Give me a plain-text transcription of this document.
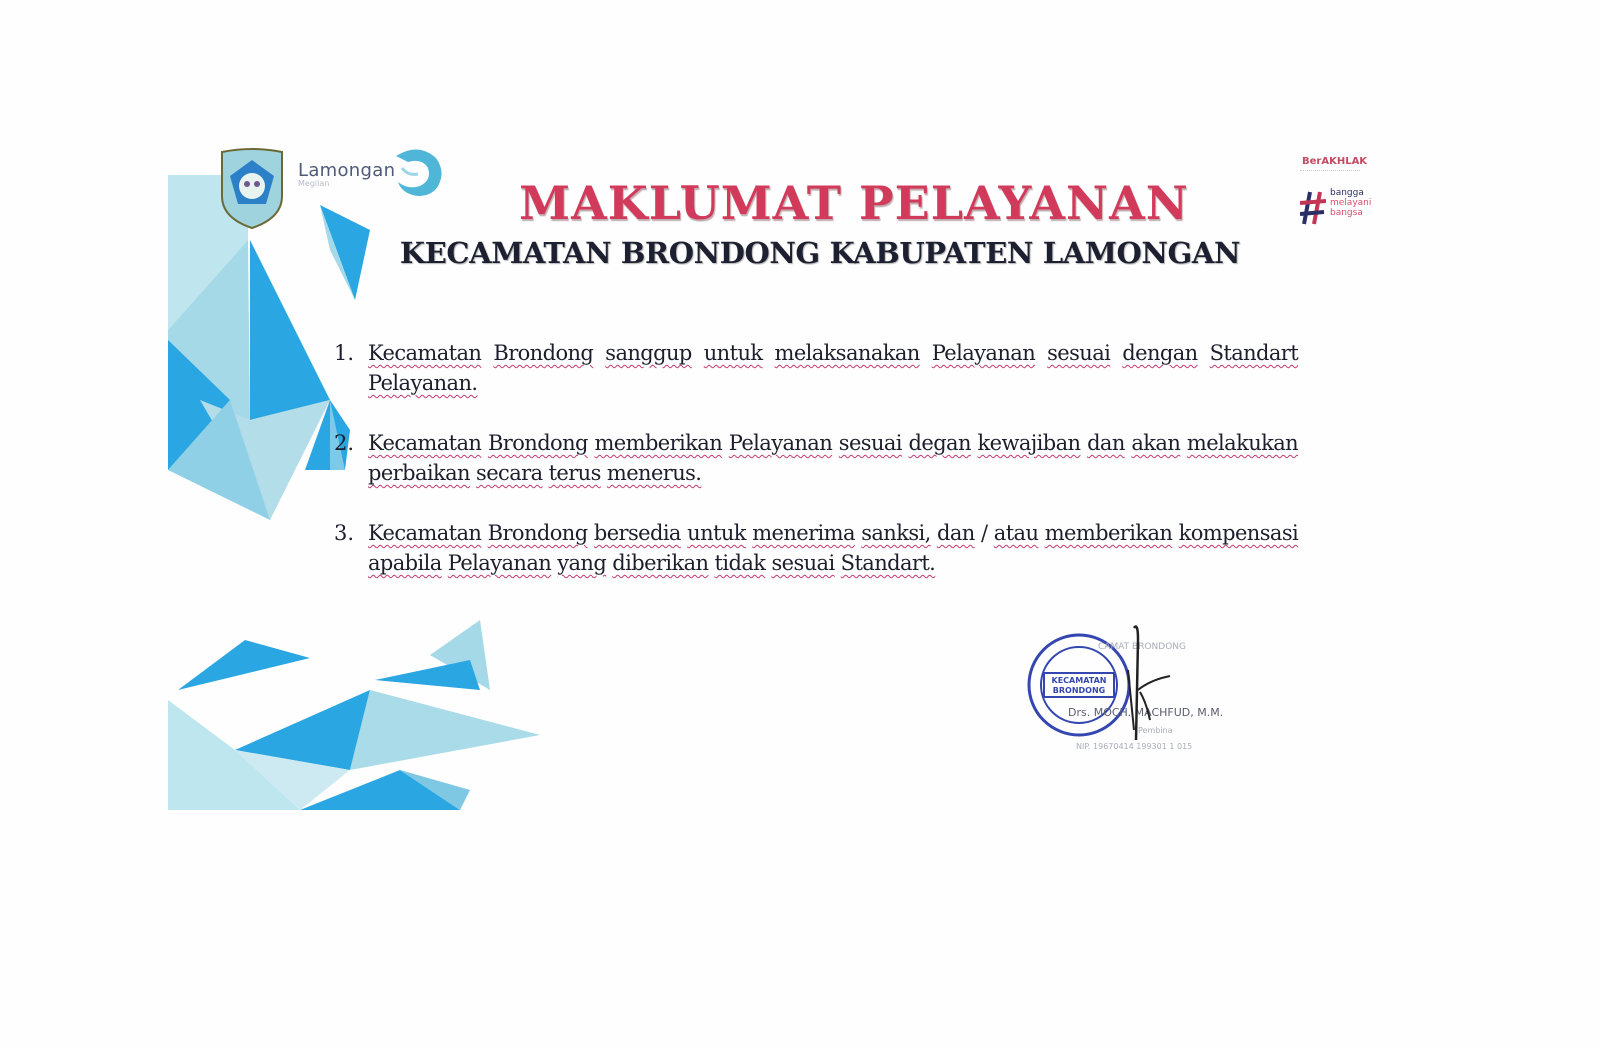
Lamongan
Megilan
BerAKHLAK
bangga
melayani
bangsa
MAKLUMAT PELAYANAN
KECAMATAN BRONDONG KABUPATEN LAMONGAN
1. Kecamatan Brondong sanggup untuk melaksanakan Pelayanan sesuai dengan Standart Pelayanan.
2. Kecamatan Brondong memberikan Pelayanan sesuai degan kewajiban dan akan melakukan perbaikan secara terus menerus.
3. Kecamatan Brondong bersedia untuk menerima sanksi, dan / atau memberikan kompensasi apabila Pelayanan yang diberikan tidak sesuai Standart.
KECAMATAN
BRONDONG
CAMAT BRONDONG
Drs. MOCH. MACHFUD, M.M.
Pembina
NIP. 19670414 199301 1 015
